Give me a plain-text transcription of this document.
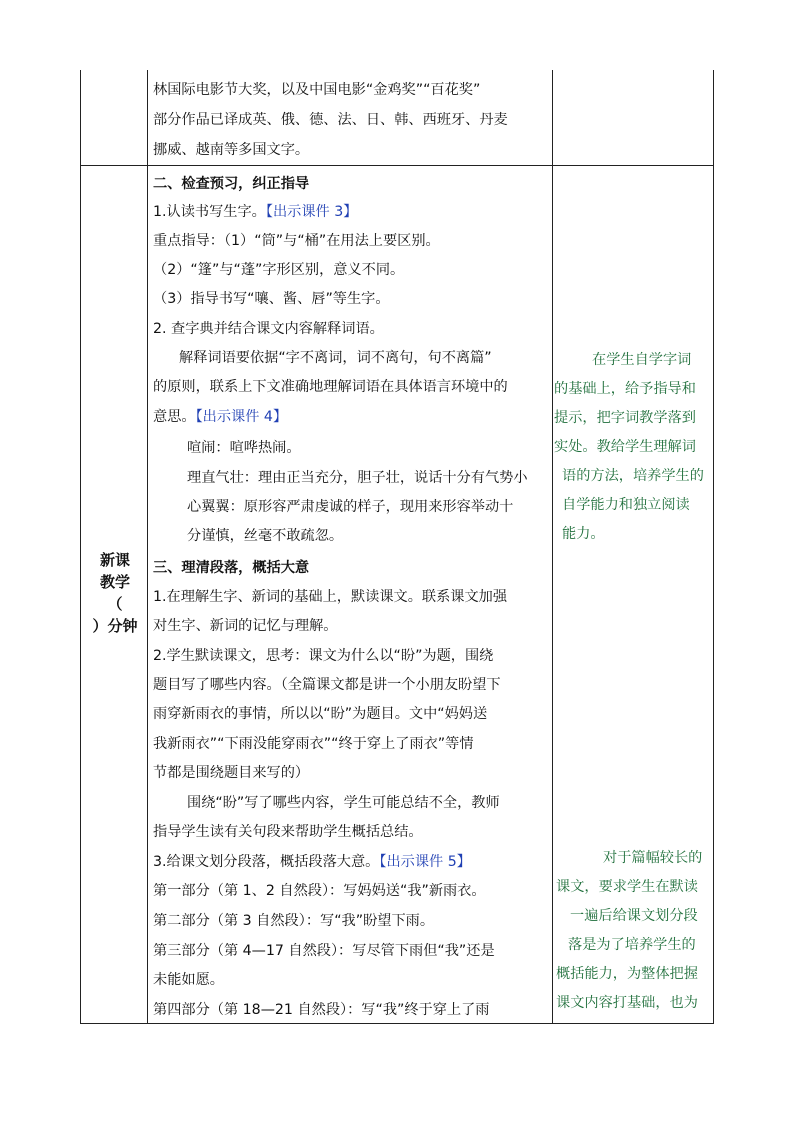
林国际电影节大奖，以及中国电影“金鸡奖”“百花奖”
部分作品已译成英、俄、德、法、日、韩、西班牙、丹麦
挪威、越南等多国文字。
新课
教学
（
）分钟
二、检查预习，纠正指导
1.认读书写生字。【出示课件 3】
重点指导：（1）“筒”与“桶”在用法上要区别。
（2）“篷”与“蓬”字形区别，意义不同。
（3）指导书写“嚷、酱、唇”等生字。
2. 查字典并结合课文内容解释词语。
解释词语要依据“字不离词，词不离句，句不离篇”
的原则，联系上下文准确地理解词语在具体语言环境中的
意思。【出示课件 4】
喧闹：喧哗热闹。
理直气壮：理由正当充分，胆子壮，说话十分有气势小
心翼翼：原形容严肃虔诚的样子，现用来形容举动十
分谨慎，丝毫不敢疏忽。
三、理清段落，概括大意
1.在理解生字、新词的基础上，默读课文。联系课文加强
对生字、新词的记忆与理解。
2.学生默读课文，思考：课文为什么以“盼”为题，围绕
题目写了哪些内容。（全篇课文都是讲一个小朋友盼望下
雨穿新雨衣的事情，所以以“盼”为题目。文中“妈妈送
我新雨衣”“下雨没能穿雨衣”“终于穿上了雨衣”等情
节都是围绕题目来写的）
围绕“盼”写了哪些内容，学生可能总结不全，教师
指导学生读有关句段来帮助学生概括总结。
3.给课文划分段落，概括段落大意。【出示课件 5】
第一部分（第 1、2 自然段）：写妈妈送“我”新雨衣。
第二部分（第 3 自然段）：写“我”盼望下雨。
第三部分（第 4—17 自然段）：写尽管下雨但“我”还是
未能如愿。
第四部分（第 18—21 自然段）：写“我”终于穿上了雨
在学生自学字词
的基础上，给予指导和
提示，把字词教学落到
实处。教给学生理解词
语的方法，培养学生的
自学能力和独立阅读
能力。
对于篇幅较长的
课文，要求学生在默读
一遍后给课文划分段
落是为了培养学生的
概括能力，为整体把握
课文内容打基础，也为
